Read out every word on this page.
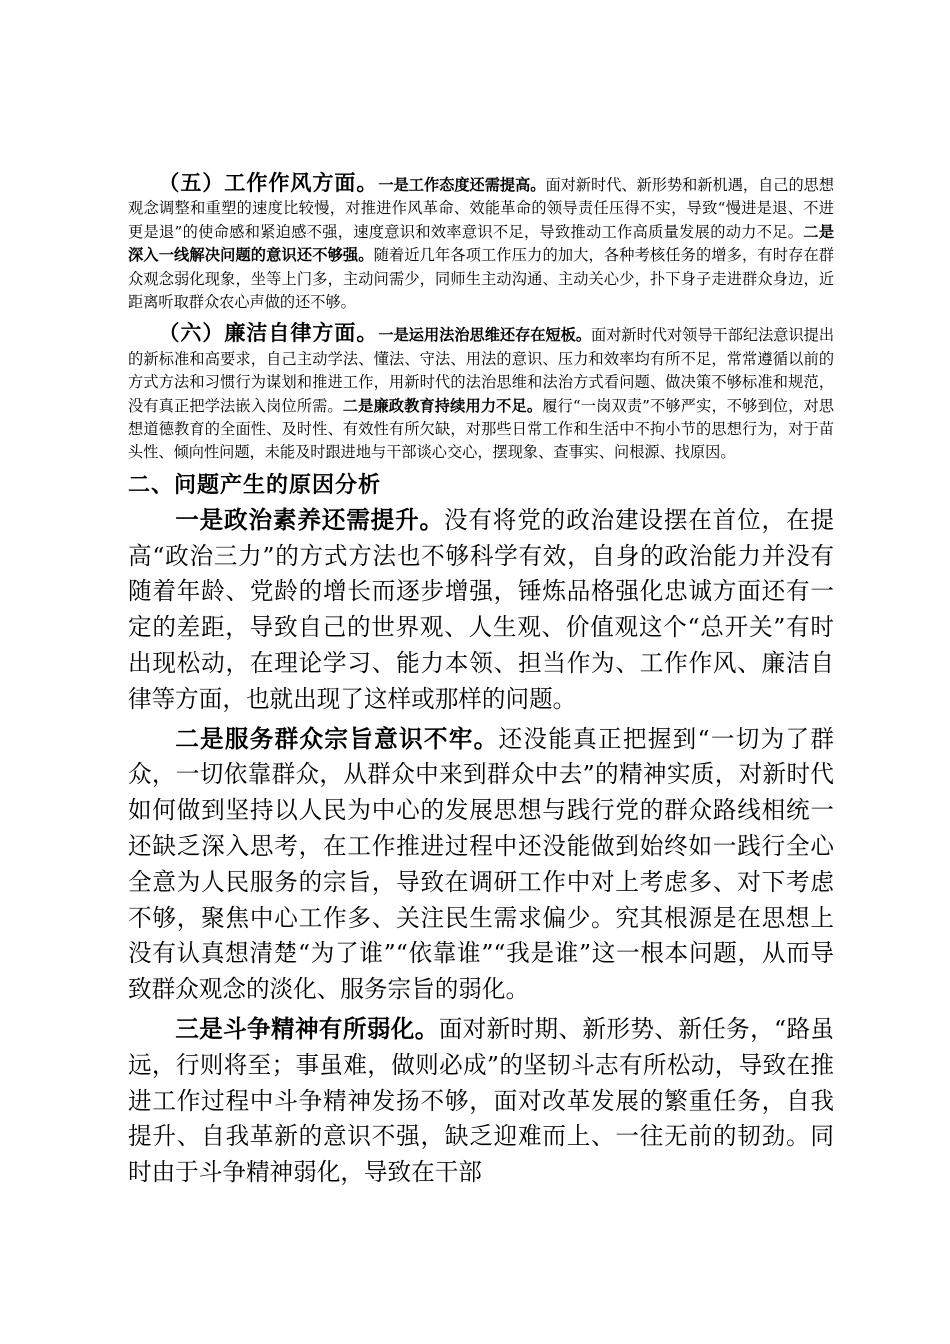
（五）工作作风方面。一是工作态度还需提高。面对新时代、新形势和新机遇，自己的思想观念调整和重塑的速度比较慢，对推进作风革命、效能革命的领导责任压得不实，导致“慢进是退、不进更是退”的使命感和紧迫感不强，速度意识和效率意识不足，导致推动工作高质量发展的动力不足。二是深入一线解决问题的意识还不够强。随着近几年各项工作压力的加大，各种考核任务的增多，有时存在群众观念弱化现象，坐等上门多，主动问需少，同师生主动沟通、主动关心少，扑下身子走进群众身边，近距离听取群众农心声做的还不够。

（六）廉洁自律方面。一是运用法治思维还存在短板。面对新时代对领导干部纪法意识提出的新标准和高要求，自己主动学法、懂法、守法、用法的意识、压力和效率均有所不足，常常遵循以前的方式方法和习惯行为谋划和推进工作，用新时代的法治思维和法治方式看问题、做决策不够标准和规范，没有真正把学法嵌入岗位所需。二是廉政教育持续用力不足。履行“一岗双责”不够严实，不够到位，对思想道德教育的全面性、及时性、有效性有所欠缺，对那些日常工作和生活中不拘小节的思想行为，对于苗头性、倾向性问题，未能及时跟进地与干部谈心交心，摆现象、查事实、问根源、找原因。

二、问题产生的原因分析

一是政治素养还需提升。没有将党的政治建设摆在首位，在提高“政治三力”的方式方法也不够科学有效，自身的政治能力并没有随着年龄、党龄的增长而逐步增强，锤炼品格强化忠诚方面还有一定的差距，导致自己的世界观、人生观、价值观这个“总开关”有时出现松动，在理论学习、能力本领、担当作为、工作作风、廉洁自律等方面，也就出现了这样或那样的问题。

二是服务群众宗旨意识不牢。还没能真正把握到“一切为了群众，一切依靠群众，从群众中来到群众中去”的精神实质，对新时代如何做到坚持以人民为中心的发展思想与践行党的群众路线相统一还缺乏深入思考，在工作推进过程中还没能做到始终如一践行全心全意为人民服务的宗旨，导致在调研工作中对上考虑多、对下考虑不够，聚焦中心工作多、关注民生需求偏少。究其根源是在思想上没有认真想清楚“为了谁”“依靠谁”“我是谁”这一根本问题，从而导致群众观念的淡化、服务宗旨的弱化。

三是斗争精神有所弱化。面对新时期、新形势、新任务，“路虽远，行则将至；事虽难，做则必成”的坚韧斗志有所松动，导致在推进工作过程中斗争精神发扬不够，面对改革发展的繁重任务，自我提升、自我革新的意识不强，缺乏迎难而上、一往无前的韧劲。同时由于斗争精神弱化，导致在干部
